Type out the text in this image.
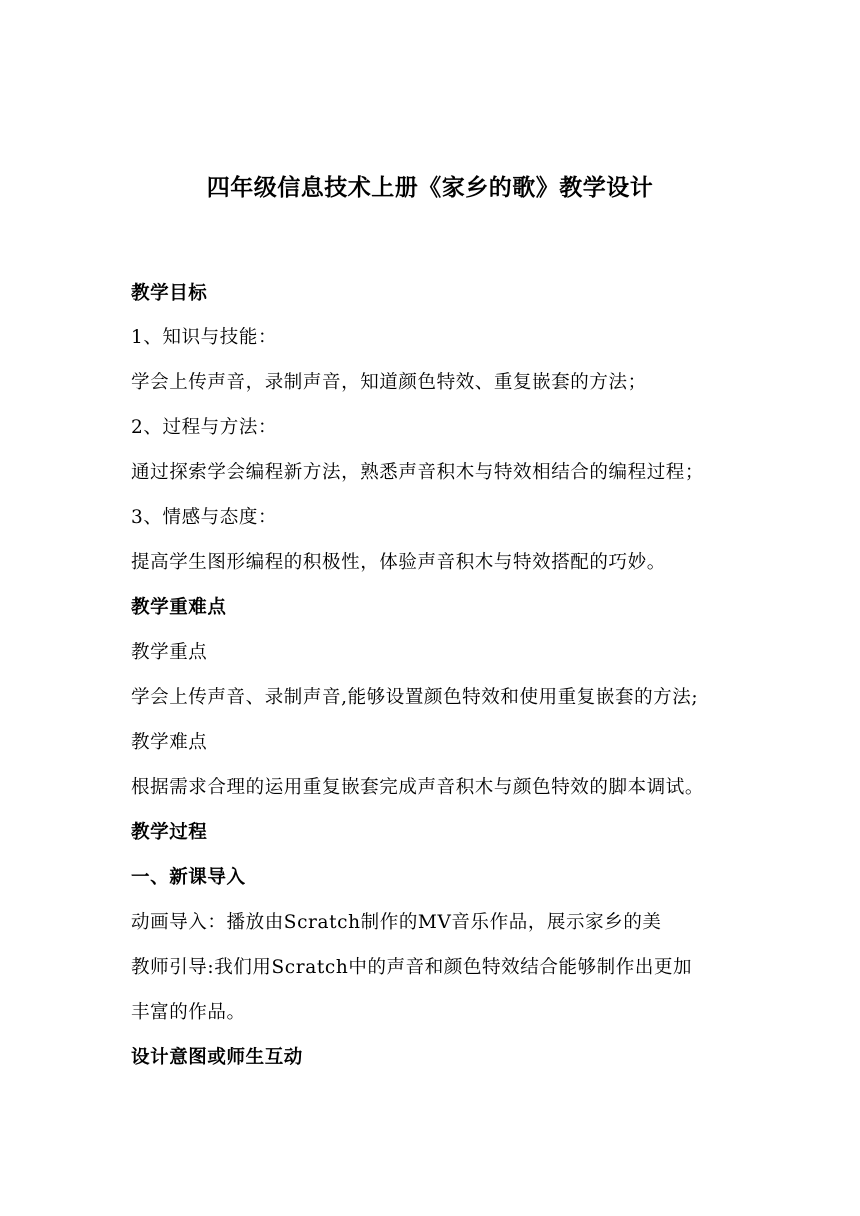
四年级信息技术上册《家乡的歌》教学设计
教学目标
1、知识与技能：
学会上传声音，录制声音，知道颜色特效、重复嵌套的方法；
2、过程与方法：
通过探索学会编程新方法，熟悉声音积木与特效相结合的编程过程；
3、情感与态度：
提高学生图形编程的积极性，体验声音积木与特效搭配的巧妙。
教学重难点
教学重点
学会上传声音、录制声音,能够设置颜色特效和使用重复嵌套的方法;
教学难点
根据需求合理的运用重复嵌套完成声音积木与颜色特效的脚本调试。
教学过程
一、新课导入
动画导入：播放由Scratch制作的MV音乐作品，展示家乡的美
教师引导:我们用Scratch中的声音和颜色特效结合能够制作出更加
丰富的作品。
设计意图或师生互动
